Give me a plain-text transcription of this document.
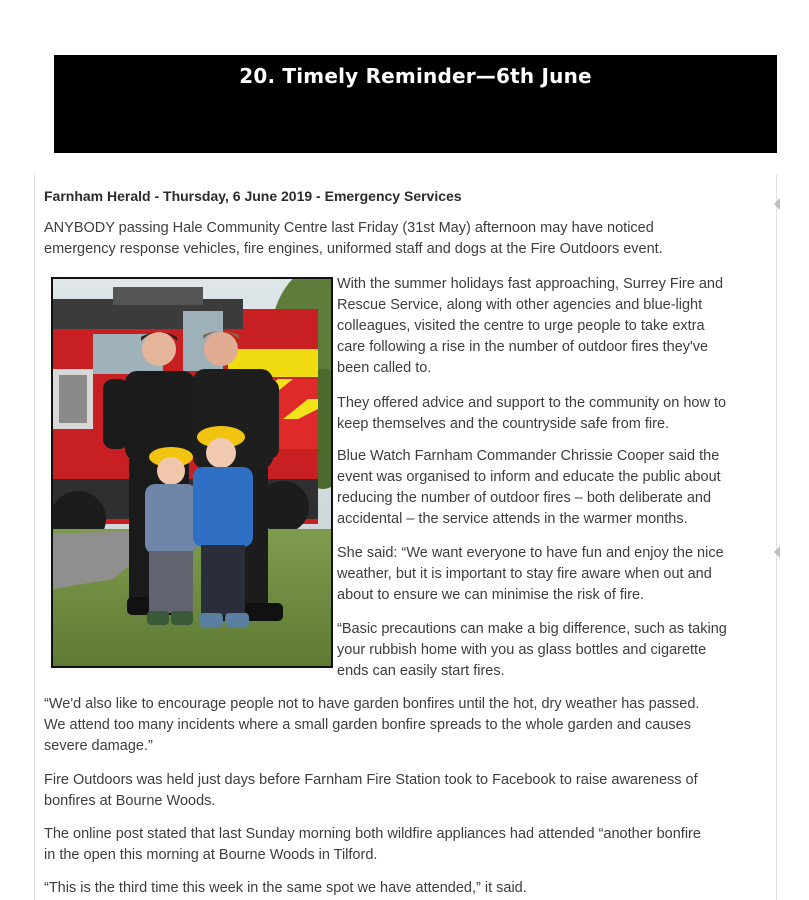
20. Timely Reminder—6th June
Farnham Herald - Thursday, 6 June 2019 - Emergency Services

ANYBODY passing Hale Community Centre last Friday (31st May) afternoon may have noticed
emergency response vehicles, fire engines, uniformed staff and dogs at the Fire Outdoors event.

With the summer holidays fast approaching, Surrey Fire and
Rescue Service, along with other agencies and blue-light
colleagues, visited the centre to urge people to take extra
care following a rise in the number of outdoor fires they've
been called to.

They offered advice and support to the community on how to
keep themselves and the countryside safe from fire.

Blue Watch Farnham Commander Chrissie Cooper said the
event was organised to inform and educate the public about
reducing the number of outdoor fires – both deliberate and
accidental – the service attends in the warmer months.

She said: “We want everyone to have fun and enjoy the nice
weather, but it is important to stay fire aware when out and
about to ensure we can minimise the risk of fire.

“Basic precautions can make a big difference, such as taking
your rubbish home with you as glass bottles and cigarette
ends can easily start fires.

“We'd also like to encourage people not to have garden bonfires until the hot, dry weather has passed.
We attend too many incidents where a small garden bonfire spreads to the whole garden and causes
severe damage.”

Fire Outdoors was held just days before Farnham Fire Station took to Facebook to raise awareness of
bonfires at Bourne Woods.

The online post stated that last Sunday morning both wildfire appliances had attended “another bonfire
in the open this morning at Bourne Woods in Tilford.

“This is the third time this week in the same spot we have attended,” it said.
